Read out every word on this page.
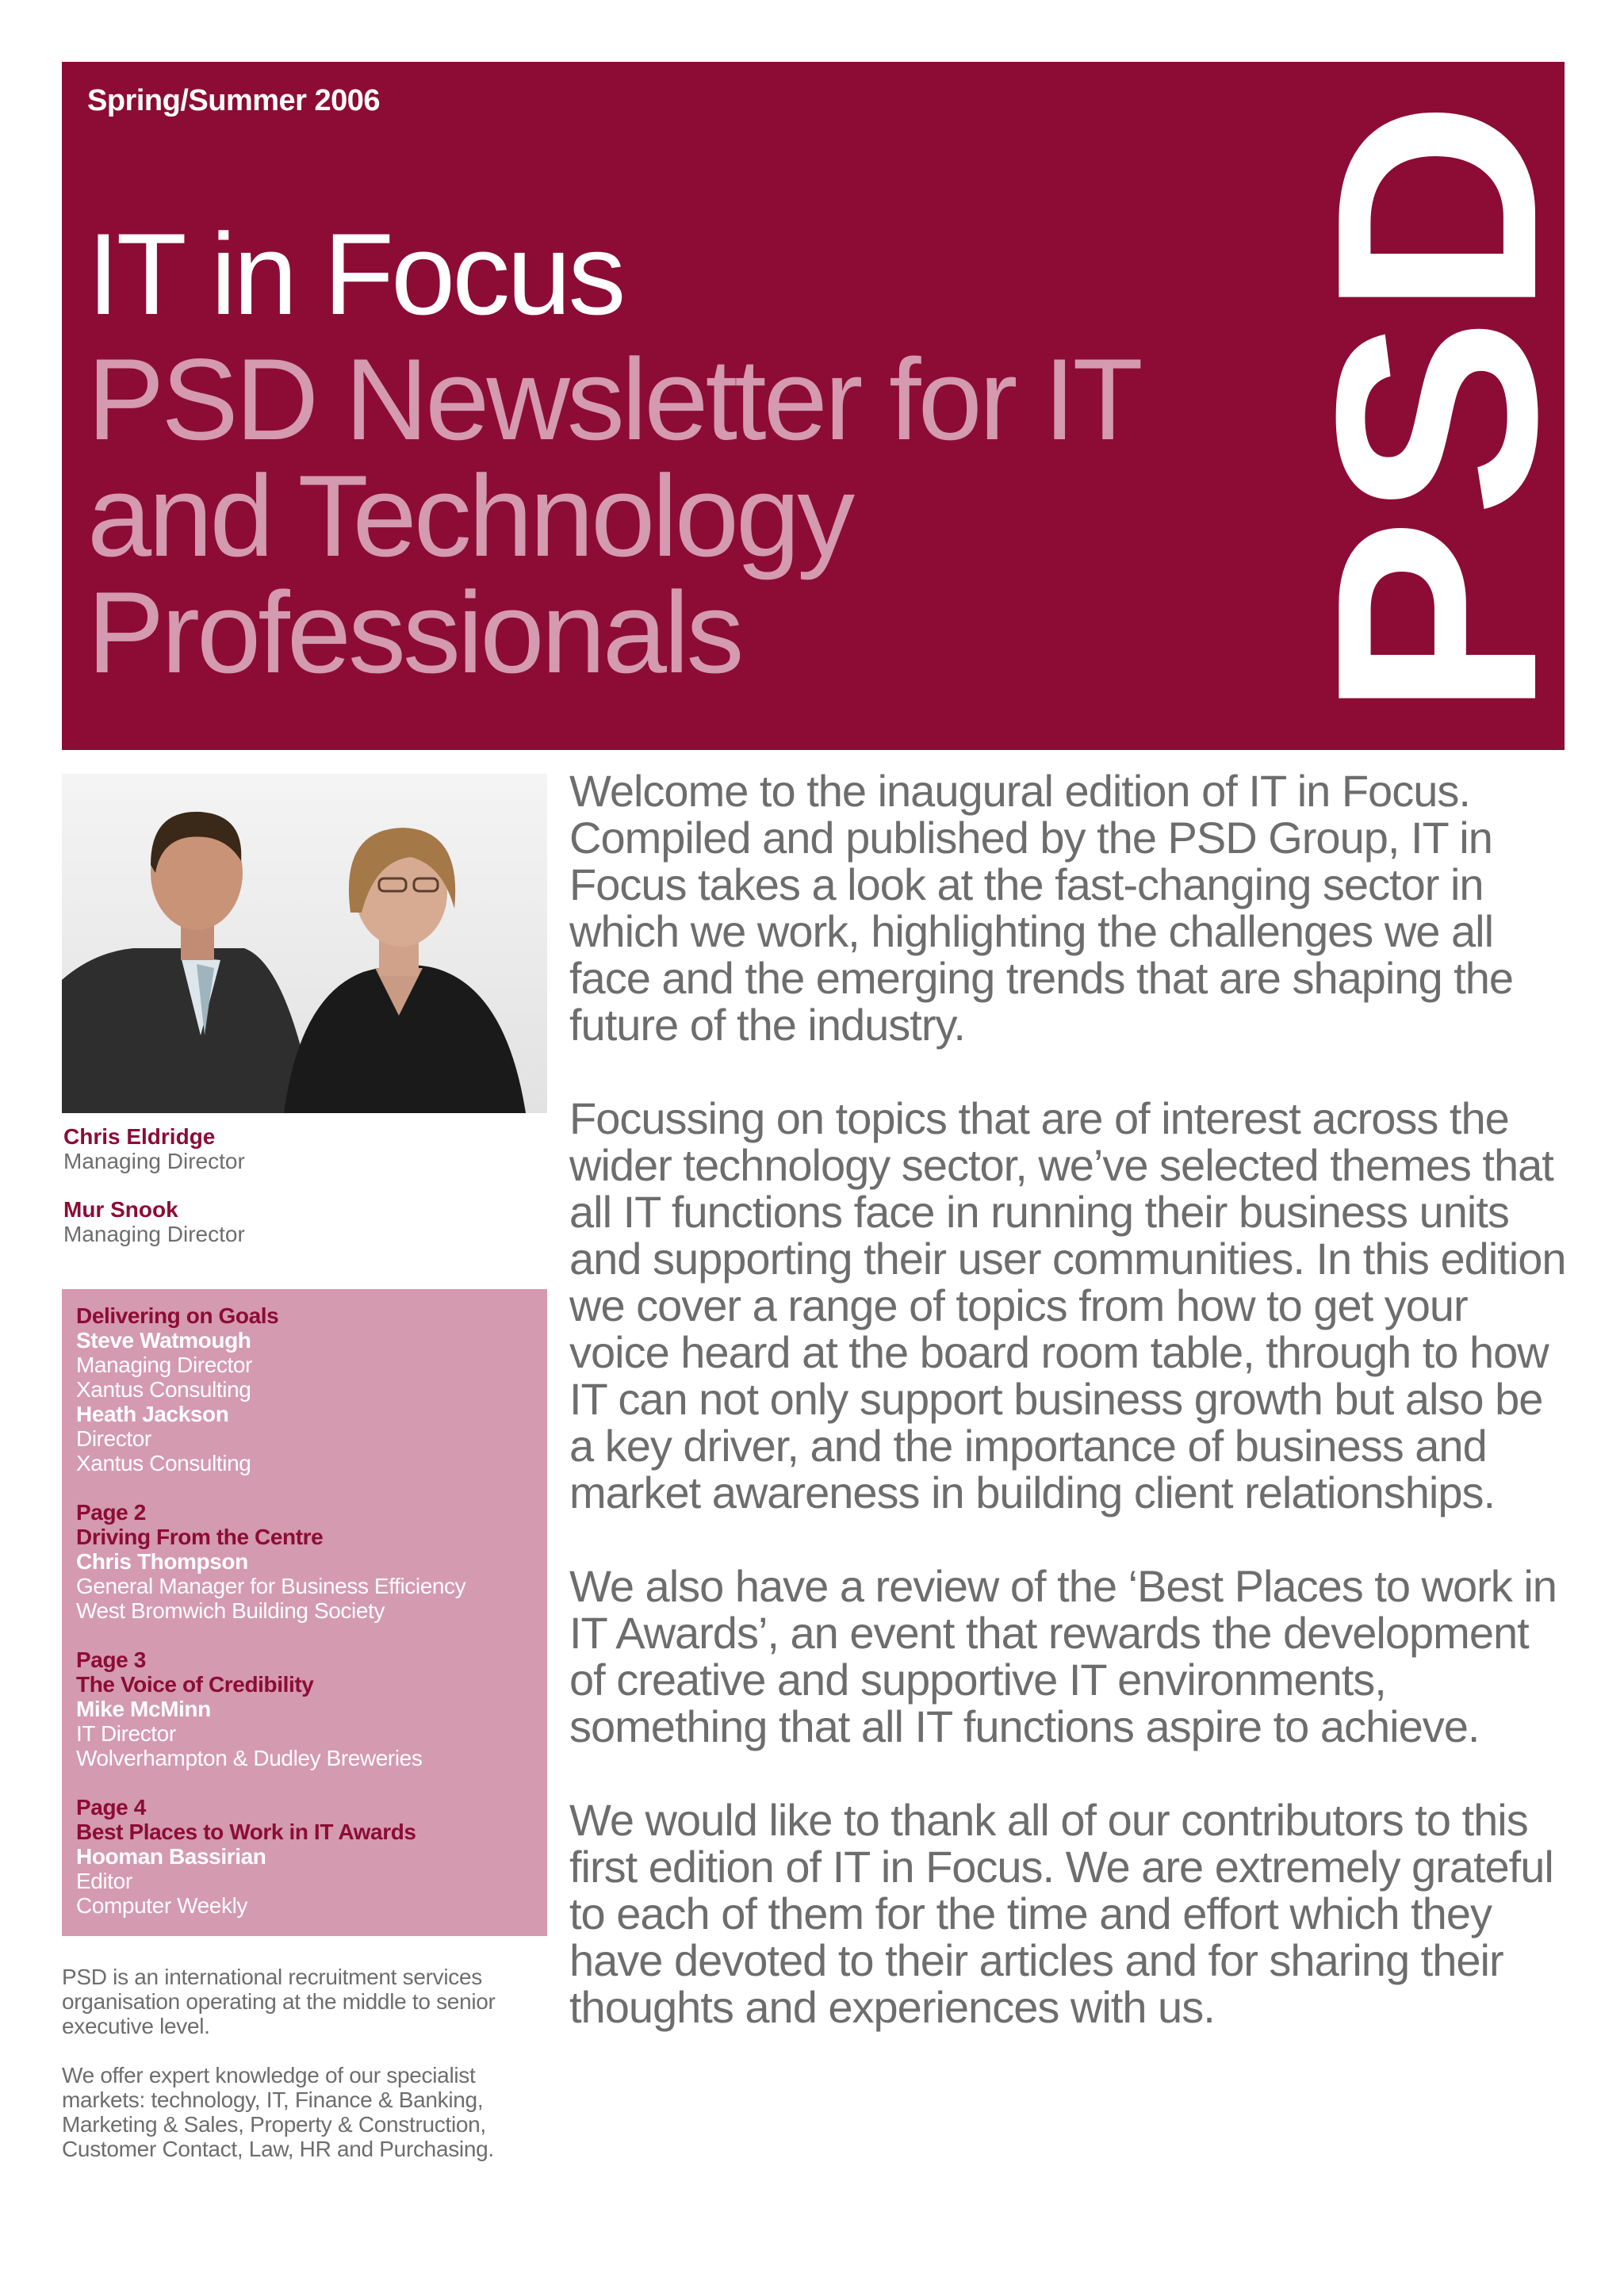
Spring/Summer 2006
IT in Focus
PSD Newsletter for IT and Technology Professionals	PSD
Chris Eldridge
Managing Director
Mur Snook
Managing Director
Delivering on Goals
Steve Watmough
Managing Director
Xantus Consulting
Heath Jackson
Director
Xantus Consulting
Page 2
Driving From the Centre
Chris Thompson
General Manager for Business Efficiency
West Bromwich Building Society
Page 3
The Voice of Credibility
Mike McMinn
IT Director
Wolverhampton & Dudley Breweries
Page 4
Best Places to Work in IT Awards
Hooman Bassirian
Editor
Computer Weekly

PSD is an international recruitment services organisation operating at the middle to senior executive level.

We offer expert knowledge of our specialist markets: technology, IT, Finance & Banking, Marketing & Sales, Property & Construction, Customer Contact, Law, HR and Purchasing.

Welcome to the inaugural edition of IT in Focus. Compiled and published by the PSD Group, IT in Focus takes a look at the fast-changing sector in which we work, highlighting the challenges we all face and the emerging trends that are shaping the future of the industry.

Focussing on topics that are of interest across the wider technology sector, we’ve selected themes that all IT functions face in running their business units and supporting their user communities. In this edition we cover a range of topics from how to get your voice heard at the board room table, through to how IT can not only support business growth but also be a key driver, and the importance of business and market awareness in building client relationships.

We also have a review of the ‘Best Places to work in IT Awards’, an event that rewards the development of creative and supportive IT environments, something that all IT functions aspire to achieve.

We would like to thank all of our contributors to this first edition of IT in Focus. We are extremely grateful to each of them for the time and effort which they have devoted to their articles and for sharing their thoughts and experiences with us.
